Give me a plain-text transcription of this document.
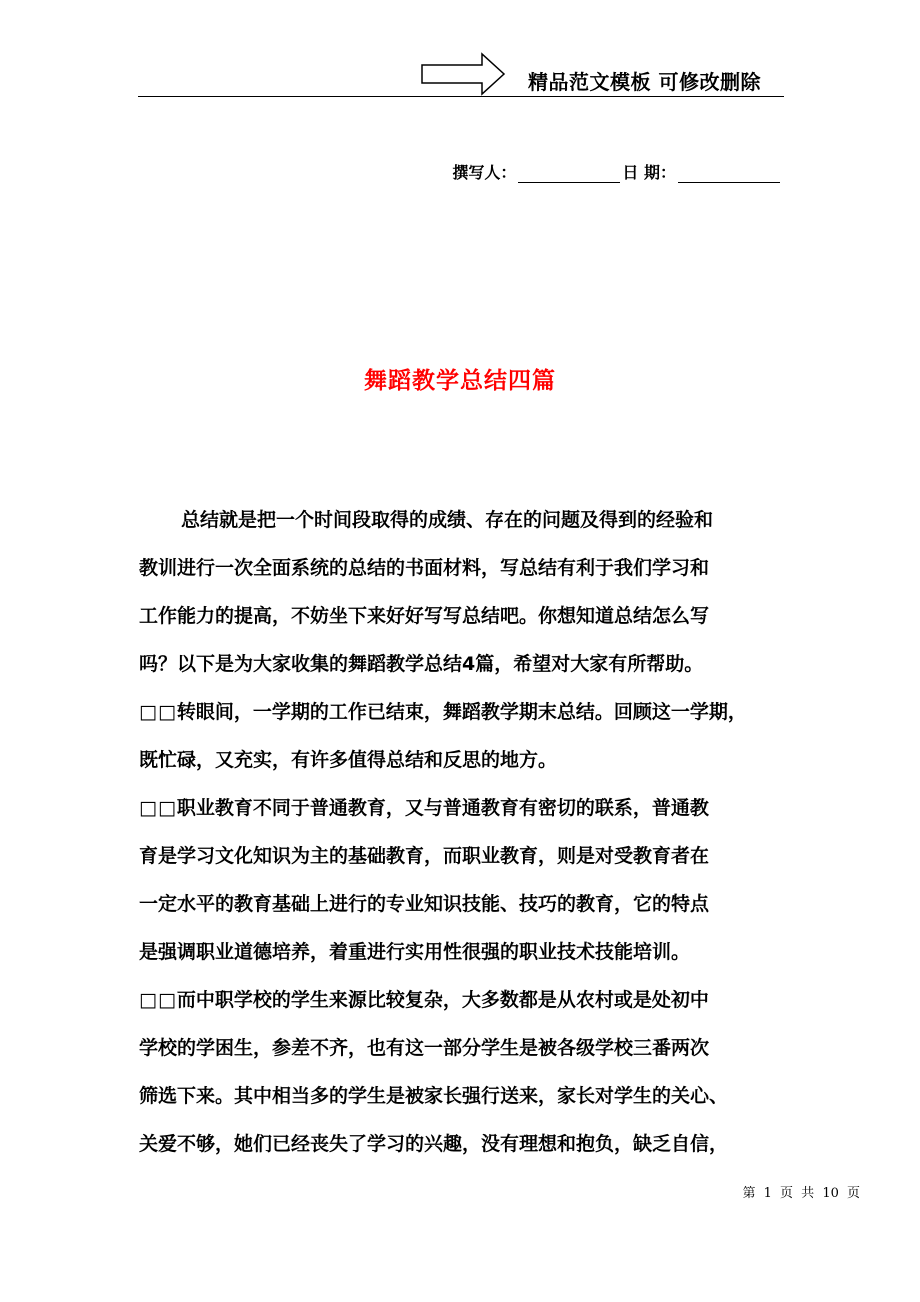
精品范文模板 可修改删除
撰写人：	日 期：
舞蹈教学总结四篇
总结就是把一个时间段取得的成绩、存在的问题及得到的经验和
教训进行一次全面系统的总结的书面材料，写总结有利于我们学习和
工作能力的提高，不妨坐下来好好写写总结吧。你想知道总结怎么写
吗？以下是为大家收集的舞蹈教学总结4篇，希望对大家有所帮助。
□□转眼间，一学期的工作已结束，舞蹈教学期末总结。回顾这一学期，
既忙碌，又充实，有许多值得总结和反思的地方。
□□职业教育不同于普通教育，又与普通教育有密切的联系，普通教
育是学习文化知识为主的基础教育，而职业教育，则是对受教育者在
一定水平的教育基础上进行的专业知识技能、技巧的教育，它的特点
是强调职业道德培养，着重进行实用性很强的职业技术技能培训。
□□而中职学校的学生来源比较复杂，大多数都是从农村或是处初中
学校的学困生，参差不齐，也有这一部分学生是被各级学校三番两次
筛选下来。其中相当多的学生是被家长强行送来，家长对学生的关心、
关爱不够，她们已经丧失了学习的兴趣，没有理想和抱负，缺乏自信，
第 1 页 共 10 页
